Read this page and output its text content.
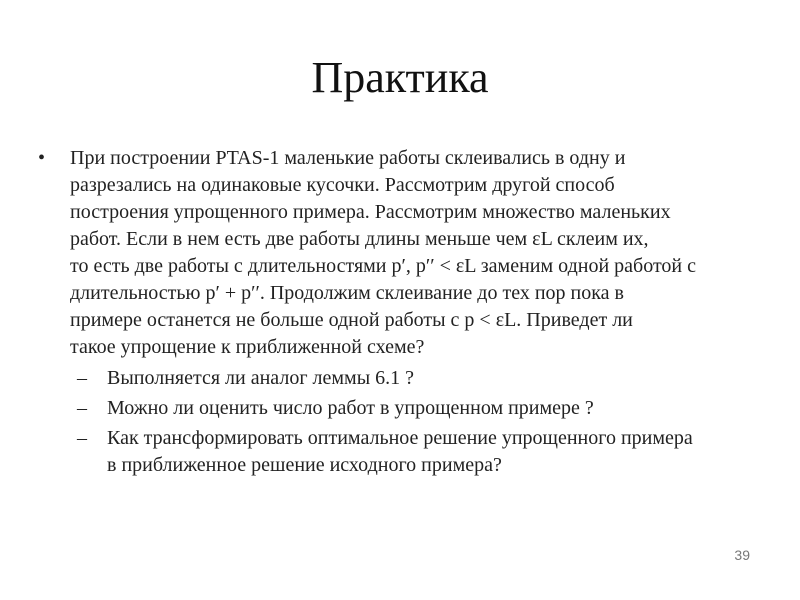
Практика
• При построении PTAS-1 маленькие работы склеивались в одну и
разрезались на одинаковые кусочки. Рассмотрим другой способ
построения упрощенного примера. Рассмотрим множество маленьких
работ. Если в нем есть две работы длины меньше чем εL склеим их,
то есть две работы с длительностями p′, p′′ < εL заменим одной работой с
длительностью p′ + p′′. Продолжим склеивание до тех пор пока в
примере останется не больше одной работы с p < εL. Приведет ли
такое упрощение к приближенной схеме?
– Выполняется ли аналог леммы 6.1 ?
– Можно ли оценить число работ в упрощенном примере ?
– Как трансформировать оптимальное решение упрощенного примера
в приближенное решение исходного примера?
39
